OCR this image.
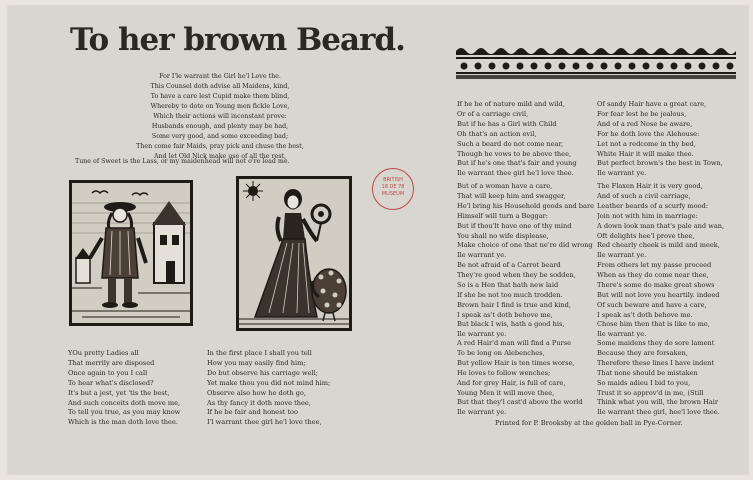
To her brown Beard.
For I'le warrant the Girl he'l Love the.
This Counsel doth advise all Maidens, kind,
To have a care lest Cupid make them blind,
Whereby to dote on Young men fickle Love,
Which their actions will inconstant prove:
Husbands enough, and plenty may be had,
Some very good, and some exceeding bad;
Then come fair Maids, pray pick and chuse the best,
And let Old Nick make use of all the rest,
Tune of Sweet is the Lass, or my maidenhead will not o're lead me.
BRITISH
18 DE 78
MUSEUM
YOu pretty Ladies all
That merrily are disposed
Once again to you I call
To hear what's disclosed?
It's but a jest, yet 'tis the best,
And such conceits doth move me,
To tell you true, as you may know
Which is the man doth love thee.
In the first place I shall you tell
How you may easily find him;
Do but observe his carriage well;
Yet make thou you did not mind him;
Observe also how he doth go,
As thy fancy it doth move thee,
If he be fair and honest too
I'l warrant thee girl he'l love thee,
If he be of nature mild and wild,
Or of a carriage civil,
But if he has a Girl with Child
Oh that's an action evil,
Such a beard do not come near,
Though he vows to be above thee,
But if he's one that's fair and young
Ile warrant thee girl he'l love thee.
But of a woman have a care,
That will keep him and swagger,
He'l bring his Household goods and bare
Himself will turn a Beggar:
But if thou'lt have one of thy mind
You shall no wife displease,
Make choice of one that ne're did wrong
Ile warrant ye.
Be not afraid of a Carrot beard
They're good when they be sodden,
So is a Hen that hath new laid
If she be not too much trodden.
Brown hair I find is true and kind,
I speak as't doth behove me,
But black I wis, hath a good his,
Ile warrant ye.
A red Hair'd man will find a Purse
To be long on Alebenches,
But yellow Hair is ten times worse,
He loves to follow wenches;
And for grey Hair, is full of care,
Young Men it will move thee,
But that they'l cast'd above the world
Ile warrant ye.
Of sandy Hair have a great care,
For fear lest he be jealous,
And of a red Nose be aware,
For he doth love the Alehouse:
Let not a redcome in thy bed,
White Hair it will make thee.
But perfect brown's the best in Town,
Ile warrant ye.
The Flaxen Hair it is very good,
And of such a civil carriage,
Leather beards of a scurfy mood:
Join not with him in marriage:
A down look man that's pale and wan,
Oft delights hee'l prove thee,
Red chearly cheek is mild and meek,
Ile warrant ye.
From others let my passe proceed
When as they do come near thee,
There's some do make great shows
But will not love you heartily. indeed
Of such beware and have a care,
I speak as't doth behove me.
Chose him then that is like to me,
Ile warrant ye.
Some maidens they do sore lament
Because they are forsaken,
Therefore these lines I have indent
That none should be mistaken
So maids adieu I bid to you,
Trust it so approv'd in me, (Still
Think what you will, the brown Hair
Ile warrant thee girl, hee'l love thee.
Printed for P. Brooksby at the golden ball in Pye-Corner.
